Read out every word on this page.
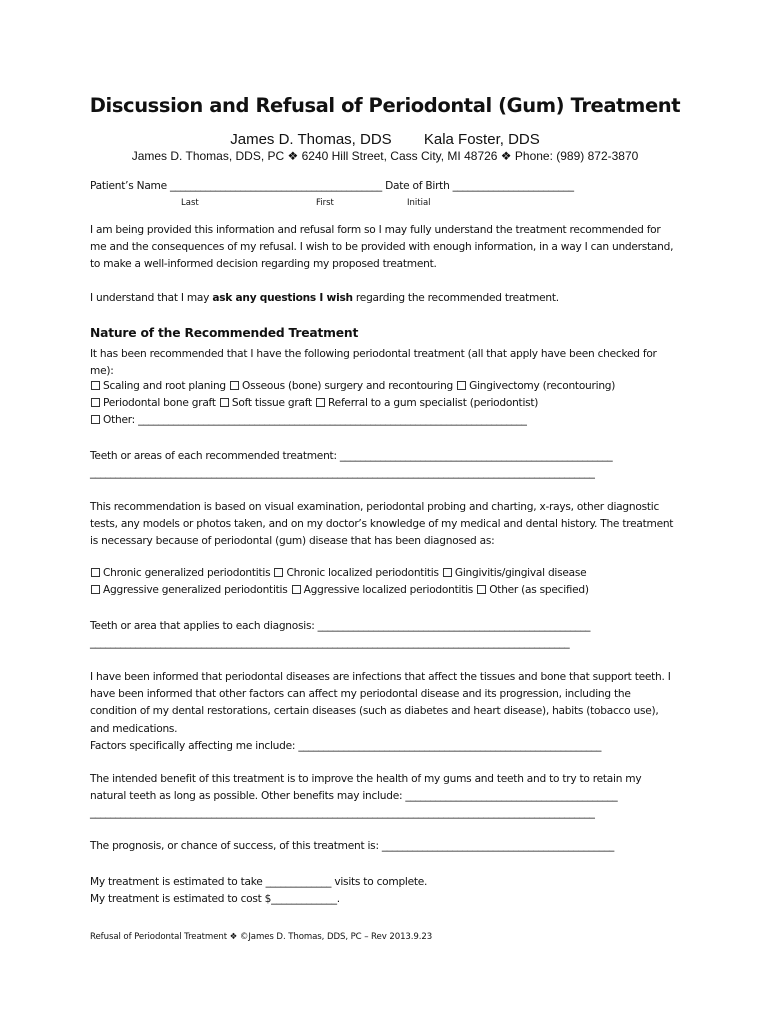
Discussion and Refusal of Periodontal (Gum) Treatment
James D. Thomas, DDS Kala Foster, DDS
James D. Thomas, DDS, PC ❖ 6240 Hill Street, Cass City, MI 48726 ❖ Phone: (989) 872-3870
Patient’s Name __________________________________________ Date of Birth ________________________
Last	First	Initial
I am being provided this information and refusal form so I may fully understand the treatment recommended for
me and the consequences of my refusal. I wish to be provided with enough information, in a way I can understand,
to make a well-informed decision regarding my proposed treatment.
I understand that I may ask any questions I wish regarding the recommended treatment.
Nature of the Recommended Treatment
It has been recommended that I have the following periodontal treatment (all that apply have been checked for
me):
Scaling and root planing Osseous (bone) surgery and recontouring Gingivectomy (recontouring)
Periodontal bone graft Soft tissue graft Referral to a gum specialist (periodontist)
Other: _____________________________________________________________________________
Teeth or areas of each recommended treatment: ______________________________________________________
____________________________________________________________________________________________________
This recommendation is based on visual examination, periodontal probing and charting, x-rays, other diagnostic
tests, any models or photos taken, and on my doctor’s knowledge of my medical and dental history. The treatment
is necessary because of periodontal (gum) disease that has been diagnosed as:
Chronic generalized periodontitis Chronic localized periodontitis Gingivitis/gingival disease
Aggressive generalized periodontitis Aggressive localized periodontitis Other (as specified)
Teeth or area that applies to each diagnosis: ______________________________________________________
_______________________________________________________________________________________________
I have been informed that periodontal diseases are infections that affect the tissues and bone that support teeth. I
have been informed that other factors can affect my periodontal disease and its progression, including the
condition of my dental restorations, certain diseases (such as diabetes and heart disease), habits (tobacco use),
and medications.
Factors specifically affecting me include: ____________________________________________________________
The intended benefit of this treatment is to improve the health of my gums and teeth and to try to retain my
natural teeth as long as possible. Other benefits may include: __________________________________________
____________________________________________________________________________________________________
The prognosis, or chance of success, of this treatment is: ______________________________________________
My treatment is estimated to take _____________ visits to complete.
My treatment is estimated to cost $_____________.
Refusal of Periodontal Treatment ❖ ©James D. Thomas, DDS, PC – Rev 2013.9.23
